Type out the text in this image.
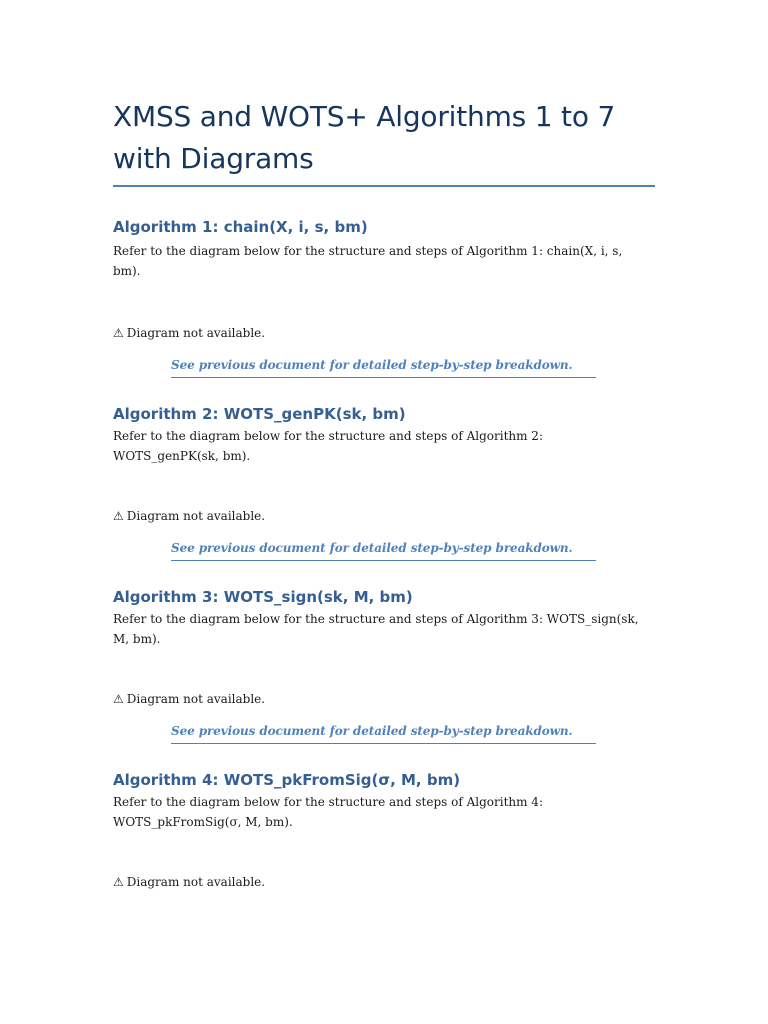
XMSS and WOTS+ Algorithms 1 to 7 with Diagrams
Algorithm 1: chain(X, i, s, bm)

Refer to the diagram below for the structure and steps of Algorithm 1: chain(X, i, s, bm).

⚠ Diagram not available.

See previous document for detailed step-by-step breakdown.
Algorithm 2: WOTS_genPK(sk, bm)

Refer to the diagram below for the structure and steps of Algorithm 2: WOTS_genPK(sk, bm).

⚠ Diagram not available.

See previous document for detailed step-by-step breakdown.
Algorithm 3: WOTS_sign(sk, M, bm)

Refer to the diagram below for the structure and steps of Algorithm 3: WOTS_sign(sk, M, bm).

⚠ Diagram not available.

See previous document for detailed step-by-step breakdown.
Algorithm 4: WOTS_pkFromSig(σ, M, bm)

Refer to the diagram below for the structure and steps of Algorithm 4: WOTS_pkFromSig(σ, M, bm).

⚠ Diagram not available.
